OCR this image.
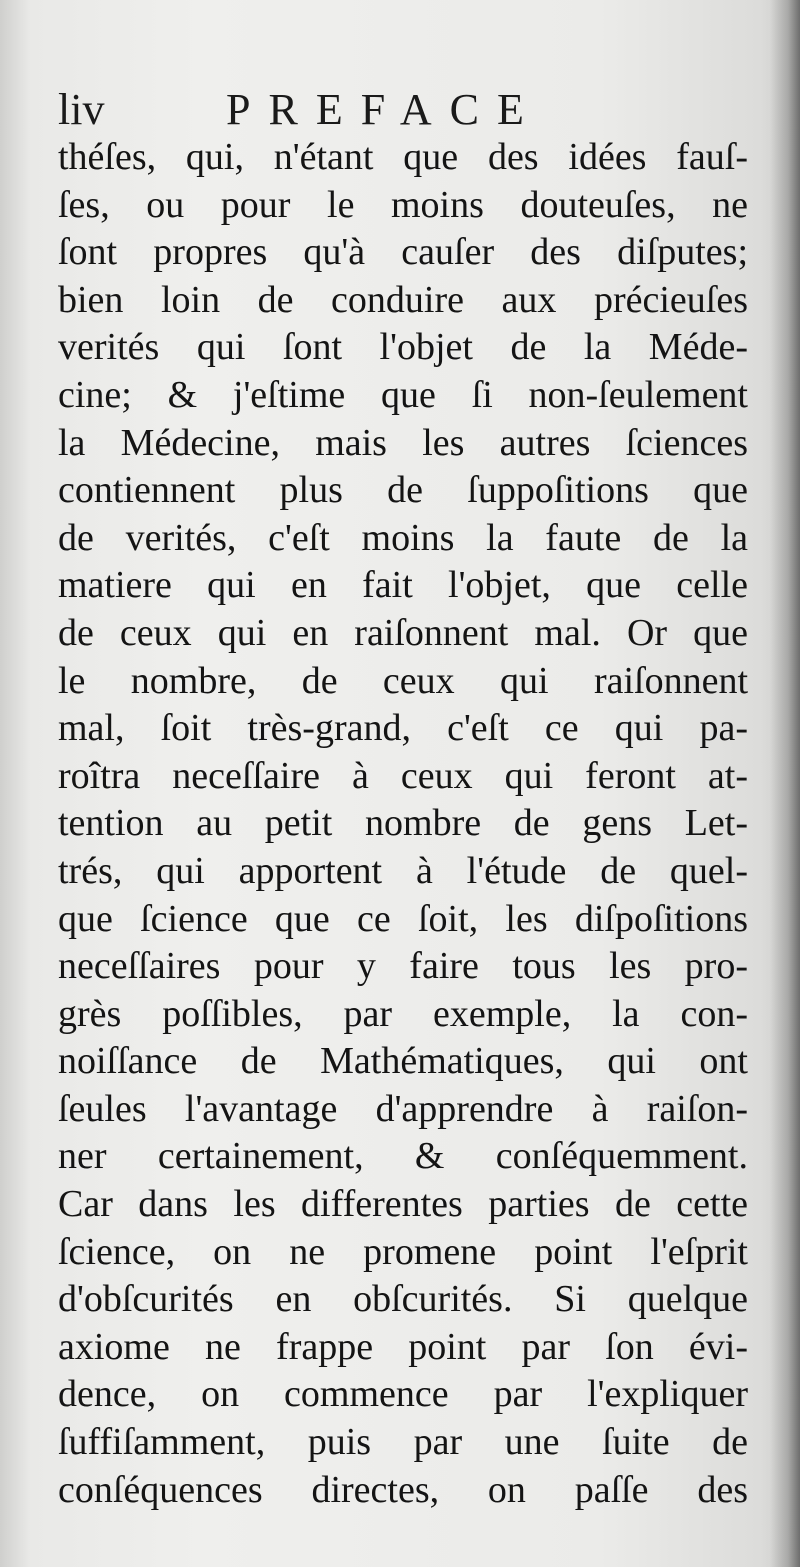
liv	PREFACE
théſes, qui, n'étant que des idées fauſ-
ſes, ou pour le moins douteuſes, ne
ſont propres qu'à cauſer des diſputes;
bien loin de conduire aux précieuſes
verités qui ſont l'objet de la Méde-
cine; & j'eſtime que ſi non-ſeulement
la Médecine, mais les autres ſciences
contiennent plus de ſuppoſitions que
de verités, c'eſt moins la faute de la
matiere qui en fait l'objet, que celle
de ceux qui en raiſonnent mal. Or que
le nombre, de ceux qui raiſonnent
mal, ſoit très-grand, c'eſt ce qui pa-
roîtra neceſſaire à ceux qui feront at-
tention au petit nombre de gens Let-
trés, qui apportent à l'étude de quel-
que ſcience que ce ſoit, les diſpoſitions
neceſſaires pour y faire tous les pro-
grès poſſibles, par exemple, la con-
noiſſance de Mathématiques, qui ont
ſeules l'avantage d'apprendre à raiſon-
ner certainement, & conſéquemment.
Car dans les differentes parties de cette
ſcience, on ne promene point l'eſprit
d'obſcurités en obſcurités. Si quelque
axiome ne frappe point par ſon évi-
dence, on commence par l'expliquer
ſuffiſamment, puis par une ſuite de
conſéquences directes, on paſſe des
